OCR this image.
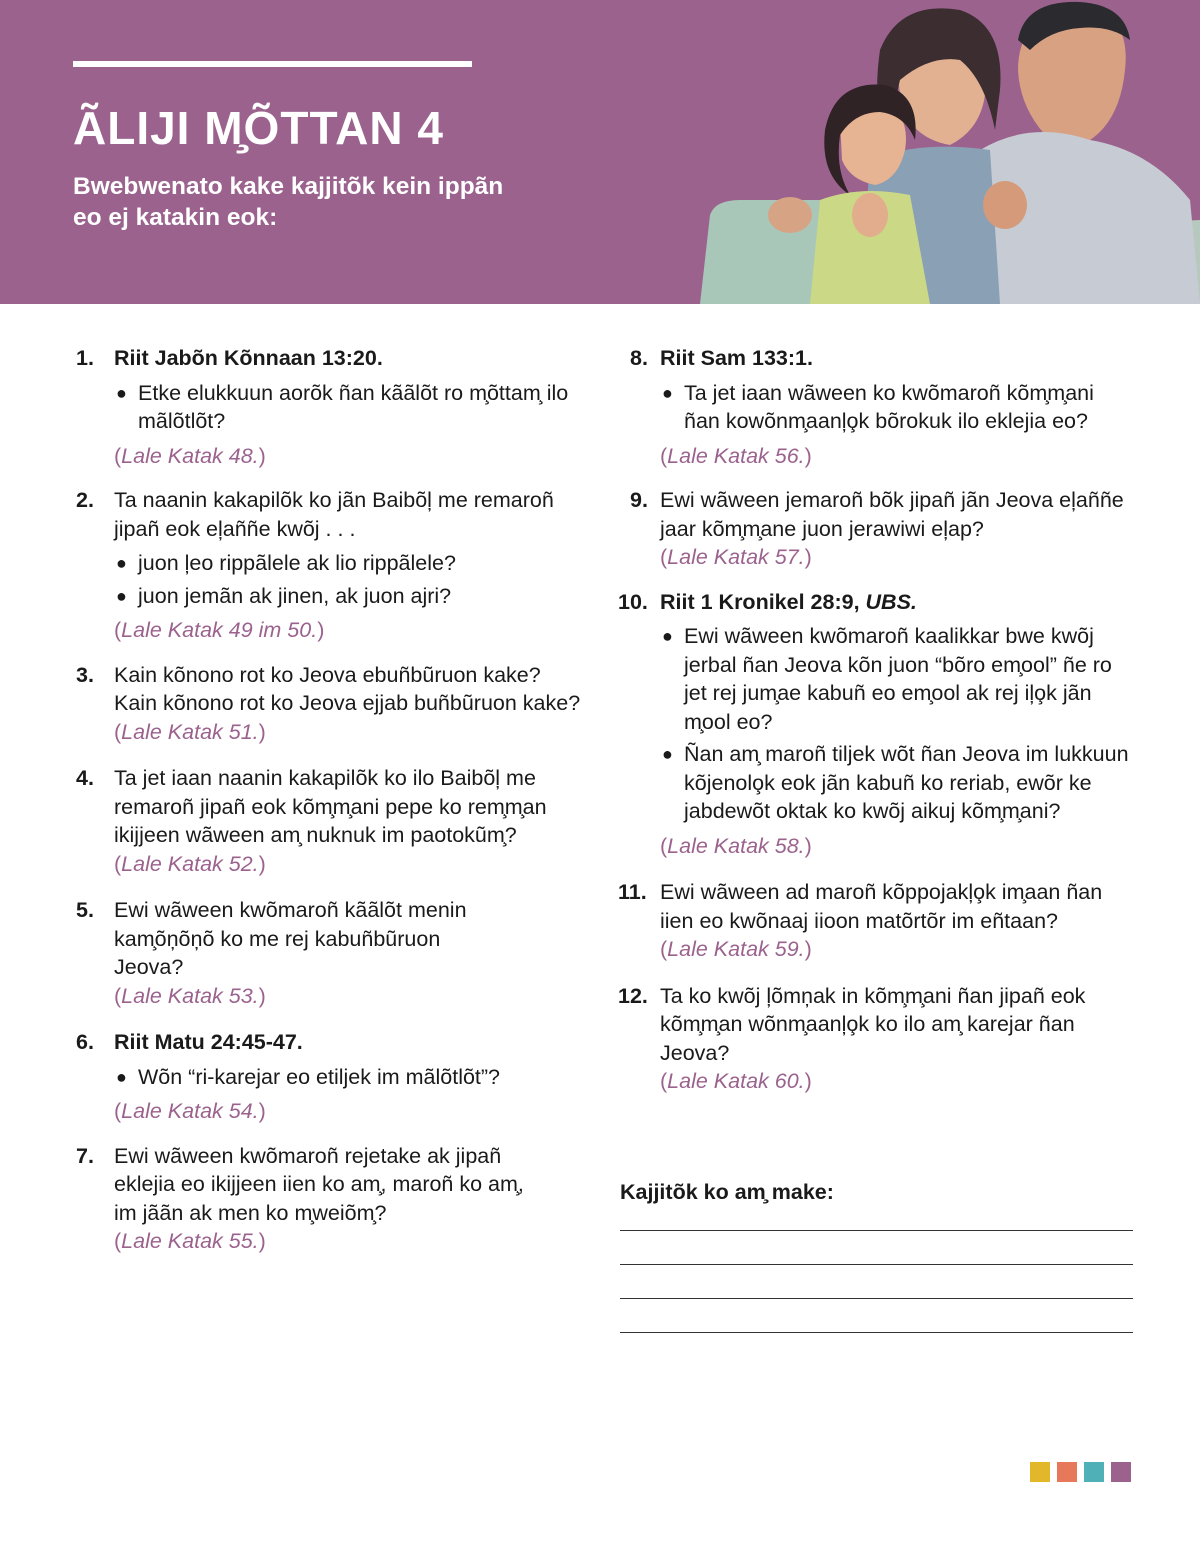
ÃLIJI M̧ÕTTAN 4

Bwebwenato kake kajjitõk kein ippãn eo ej katakin eok:

1. Riit Jabõn Kõnnaan 13:20.

● Etke elukkuun aorõk ñan kããlõt ro m̧õttam̧ ilo mãlõtlõt?

(Lale Katak 48.)

2. Ta naanin kakapilõk ko jãn Baibõļ me remaroñ jipañ eok eļaññe kwõj . . .

● juon ļeo rippãlele ak lio rippãlele?
● juon jemãn ak jinen, ak juon ajri?

(Lale Katak 49 im 50.)

3. Kain kõnono rot ko Jeova ebuñbũruon kake? Kain kõnono rot ko Jeova ejjab buñbũruon kake?

(Lale Katak 51.)

4. Ta jet iaan naanin kakapilõk ko ilo Baibõļ me remaroñ jipañ eok kõm̧m̧ani pepe ko rem̧m̧an ikijjeen wãween am̧ nuknuk im paotokũm̧?

(Lale Katak 52.)

5. Ewi wãween kwõmaroñ kããlõt menin kam̧õņõņõ ko me rej kabuñbũruon Jeova?

(Lale Katak 53.)

6. Riit Matu 24:45-47.

● Wõn “ri-karejar eo etiljek im mãlõtlõt”?

(Lale Katak 54.)

7. Ewi wãween kwõmaroñ rejetake ak jipañ eklejia eo ikijjeen iien ko am̧, maroñ ko am̧, im jããn ak men ko m̧weiõm̧?

(Lale Katak 55.)

8. Riit Sam 133:1.

● Ta jet iaan wãween ko kwõmaroñ kõm̧m̧ani ñan kowõnm̧aanļo̧k bõrokuk ilo eklejia eo?

(Lale Katak 56.)

9. Ewi wãween jemaroñ bõk jipañ jãn Jeova eļaññe jaar kõm̧m̧ane juon jerawiwi eļap?

(Lale Katak 57.)

10. Riit 1 Kronikel 28:9, UBS.

● Ewi wãween kwõmaroñ kaalikkar bwe kwõj jerbal ñan Jeova kõn juon “bõro em̧ool” ñe ro jet rej jum̧ae kabuñ eo em̧ool ak rej iļo̧k jãn m̧ool eo?
● Ñan am̧ maroñ tiljek wõt ñan Jeova im lukkuun kõjenolo̧k eok jãn kabuñ ko reriab, ewõr ke jabdewõt oktak ko kwõj aikuj kõm̧m̧ani?

(Lale Katak 58.)

11. Ewi wãween ad maroñ kõppojakļo̧k im̧aan ñan iien eo kwõnaaj iioon matõrtõr im eñtaan?

(Lale Katak 59.)

12. Ta ko kwõj ļõmņak in kõm̧m̧ani ñan jipañ eok kõm̧m̧an wõnm̧aanļo̧k ko ilo am̧ karejar ñan Jeova?

(Lale Katak 60.)

Kajjitõk ko am̧ make:
